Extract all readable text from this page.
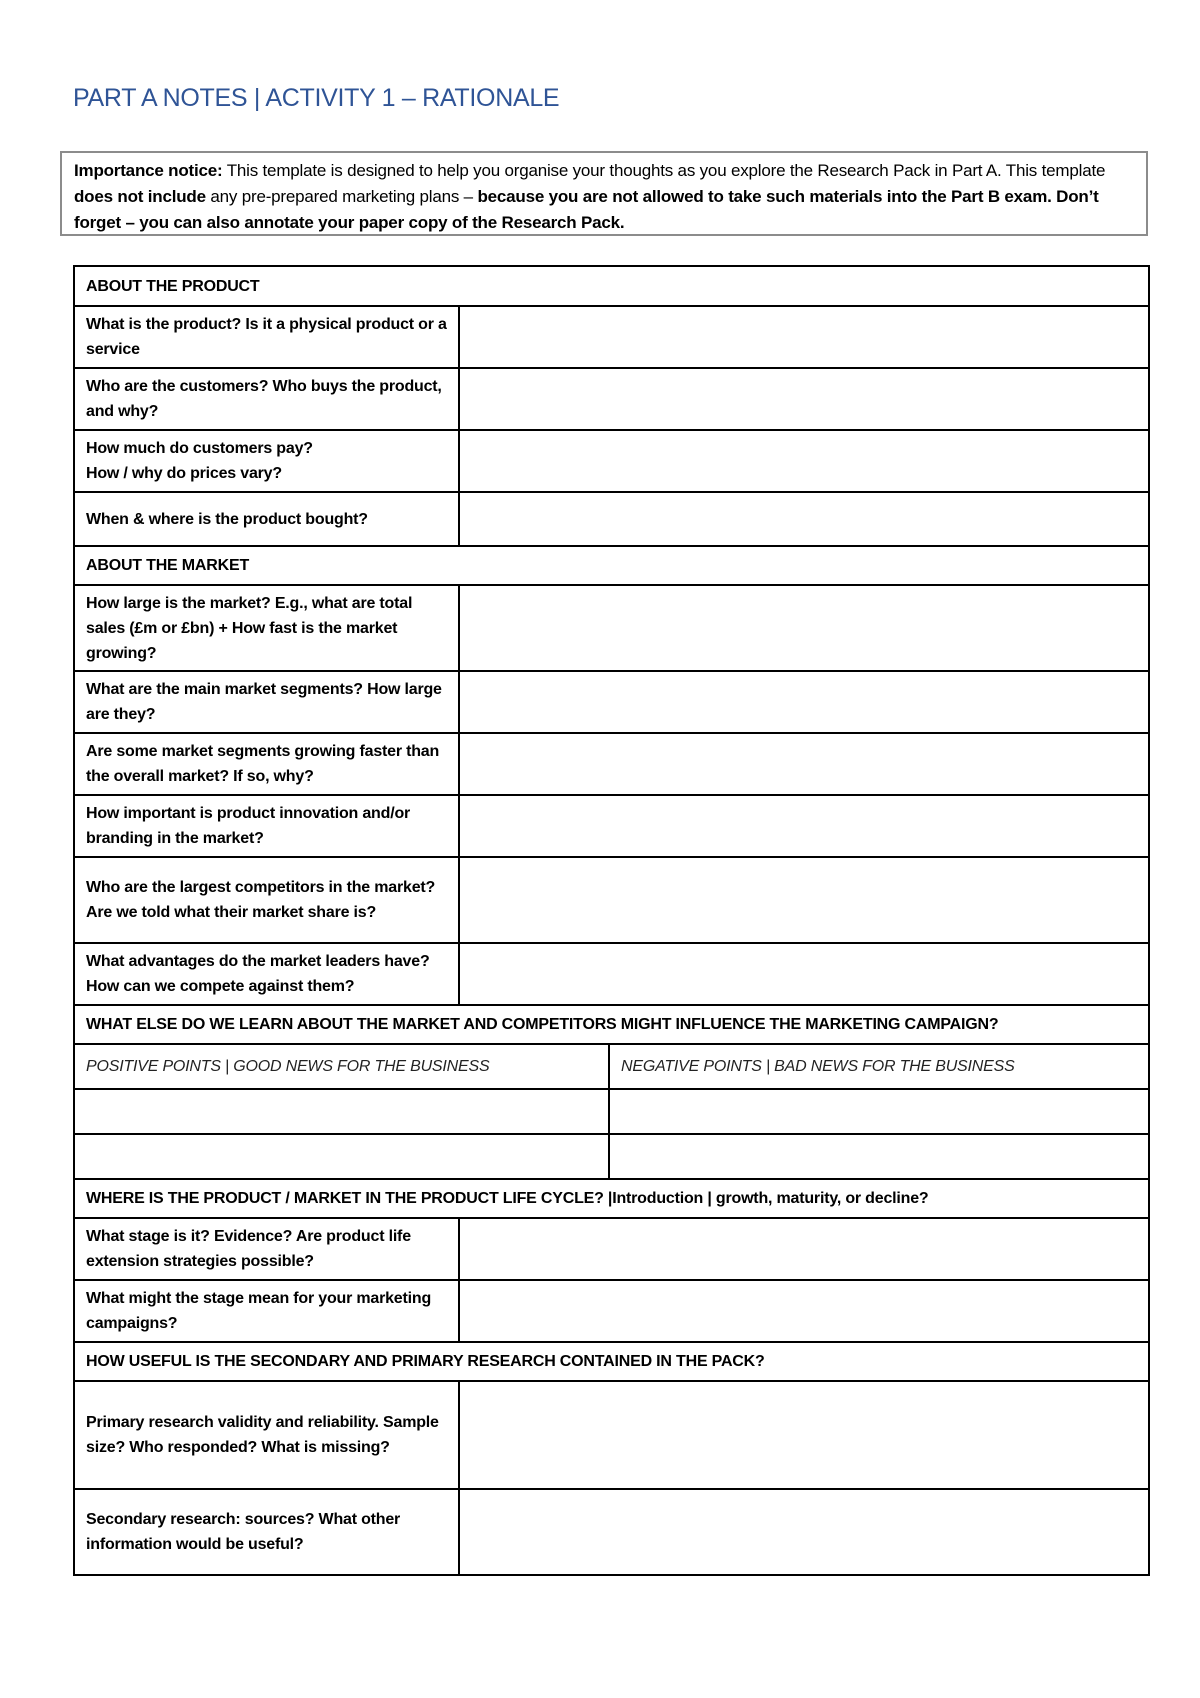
PART A NOTES | ACTIVITY 1 – RATIONALE
Importance notice: This template is designed to help you organise your thoughts as you explore the Research Pack in Part A. This template does not include any pre-prepared marketing plans – because you are not allowed to take such materials into the Part B exam. Don’t forget – you can also annotate your paper copy of the Research Pack.
ABOUT THE PRODUCT		
What is the product? Is it a physical product or a service		
Who are the customers? Who buys the product, and why?		
How much do customers pay?
How / why do prices vary?		
When & where is the product bought?		
ABOUT THE MARKET		
How large is the market? E.g., what are total sales (£m or £bn) + How fast is the market growing?		
What are the main market segments? How large are they?		
Are some market segments growing faster than the overall market? If so, why?		
How important is product innovation and/or branding in the market?		
Who are the largest competitors in the market? Are we told what their market share is?		
What advantages do the market leaders have? How can we compete against them?		
WHAT ELSE DO WE LEARN ABOUT THE MARKET AND COMPETITORS MIGHT INFLUENCE THE MARKETING CAMPAIGN?		
POSITIVE POINTS | GOOD NEWS FOR THE BUSINESS		NEGATIVE POINTS | BAD NEWS FOR THE BUSINESS

WHERE IS THE PRODUCT / MARKET IN THE PRODUCT LIFE CYCLE? |Introduction | growth, maturity, or decline?		
What stage is it? Evidence? Are product life extension strategies possible?		
What might the stage mean for your marketing campaigns?		
HOW USEFUL IS THE SECONDARY AND PRIMARY RESEARCH CONTAINED IN THE PACK?		
Primary research validity and reliability. Sample size? Who responded? What is missing?		
Secondary research: sources? What other information would be useful?		
